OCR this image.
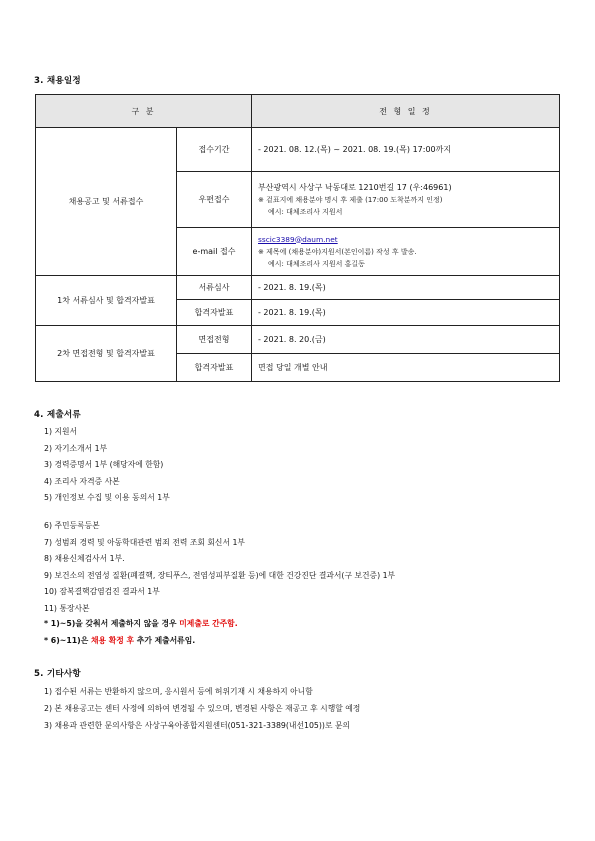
3. 채용일정
구 분		전 형 일 정
채용공고 및 서류접수	접수기간	- 2021. 08. 12.(목) ~ 2021. 08. 19.(목) 17:00까지
	우편접수	부산광역시 사상구 낙동대로 1210번길 17 (우:46961)
※ 겉표지에 채용분야 명시 후 제출 (17:00 도착분까지 인정)
예시: 대체조리사 지원서

	e-mail 접수	sscic3389@daum.net
※ 제목에 (채용분야)지원서(본인이름) 작성 후 발송.
예시: 대체조리사 지원서 홍길동

1차 서류심사 및 합격자발표	서류심사	- 2021. 8. 19.(목)
	합격자발표	- 2021. 8. 19.(목)
2차 면접전형 및 합격자발표	면접전형	- 2021. 8. 20.(금)
	합격자발표	면접 당일 개별 안내
4. 제출서류
1) 지원서
2) 자기소개서 1부
3) 경력증명서 1부 (해당자에 한함)
4) 조리사 자격증 사본
5) 개인정보 수집 및 이용 동의서 1부
6) 주민등록등본
7) 성범죄 경력 및 아동학대관련 범죄 전력 조회 회신서 1부
8) 채용신체검사서 1부.
9) 보건소의 전염성 질환(폐결핵, 장티푸스, 전염성피부질환 등)에 대한 건강진단 결과서(구 보건증) 1부
10) 잠복결핵감염검진 결과서 1부
11) 통장사본
* 1)~5)을 갖춰서 제출하지 않을 경우 미제출로 간주함.
* 6)~11)은 채용 확정 후 추가 제출서류임.
5. 기타사항
1) 접수된 서류는 반환하지 않으며, 응시원서 등에 허위기재 시 채용하지 아니함
2) 본 채용공고는 센터 사정에 의하여 변경될 수 있으며, 변경된 사항은 재공고 후 시행할 예정
3) 채용과 관련한 문의사항은 사상구육아종합지원센터(051-321-3389(내선105))로 문의
